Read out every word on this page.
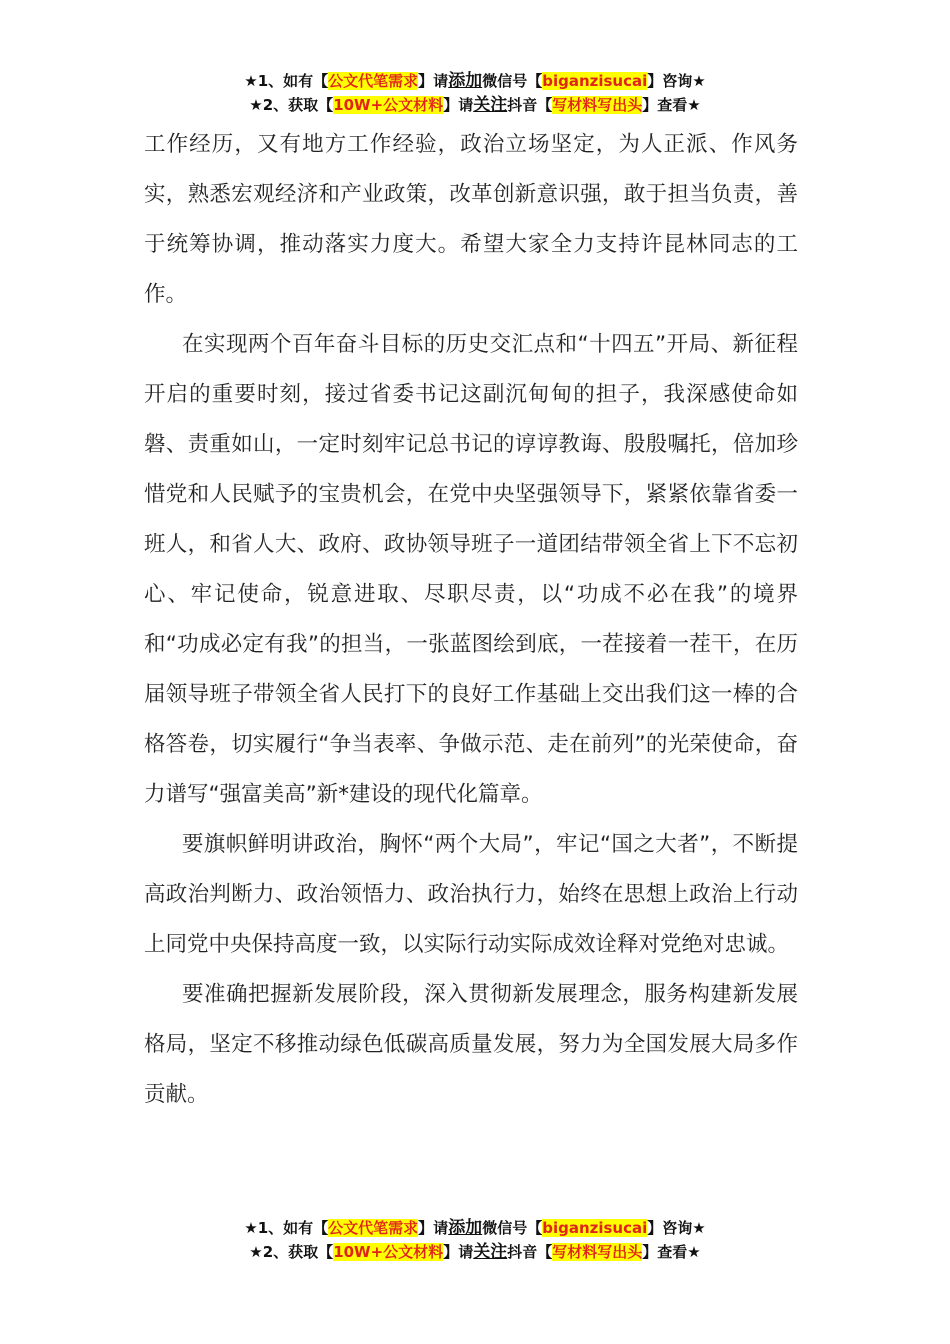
★1、如有【公文代笔需求】请添加微信号【biganzisucai】咨询★
★2、获取【10W+公文材料】请关注抖音【写材料写出头】查看★

工作经历，又有地方工作经验，政治立场坚定，为人正派、作风务实，熟悉宏观经济和产业政策，改革创新意识强，敢于担当负责，善于统筹协调，推动落实力度大。希望大家全力支持许昆林同志的工作。

在实现两个百年奋斗目标的历史交汇点和“十四五”开局、新征程开启的重要时刻，接过省委书记这副沉甸甸的担子，我深感使命如磐、责重如山，一定时刻牢记总书记的谆谆教诲、殷殷嘱托，倍加珍惜党和人民赋予的宝贵机会，在党中央坚强领导下，紧紧依靠省委一班人，和省人大、政府、政协领导班子一道团结带领全省上下不忘初心、牢记使命，锐意进取、尽职尽责，以“功成不必在我”的境界和“功成必定有我”的担当，一张蓝图绘到底，一茬接着一茬干，在历届领导班子带领全省人民打下的良好工作基础上交出我们这一棒的合格答卷，切实履行“争当表率、争做示范、走在前列”的光荣使命，奋力谱写“强富美高”新*建设的现代化篇章。

要旗帜鲜明讲政治，胸怀“两个大局”，牢记“国之大者”，不断提高政治判断力、政治领悟力、政治执行力，始终在思想上政治上行动上同党中央保持高度一致，以实际行动实际成效诠释对党绝对忠诚。

要准确把握新发展阶段，深入贯彻新发展理念，服务构建新发展格局，坚定不移推动绿色低碳高质量发展，努力为全国发展大局多作贡献。

★1、如有【公文代笔需求】请添加微信号【biganzisucai】咨询★
★2、获取【10W+公文材料】请关注抖音【写材料写出头】查看★
